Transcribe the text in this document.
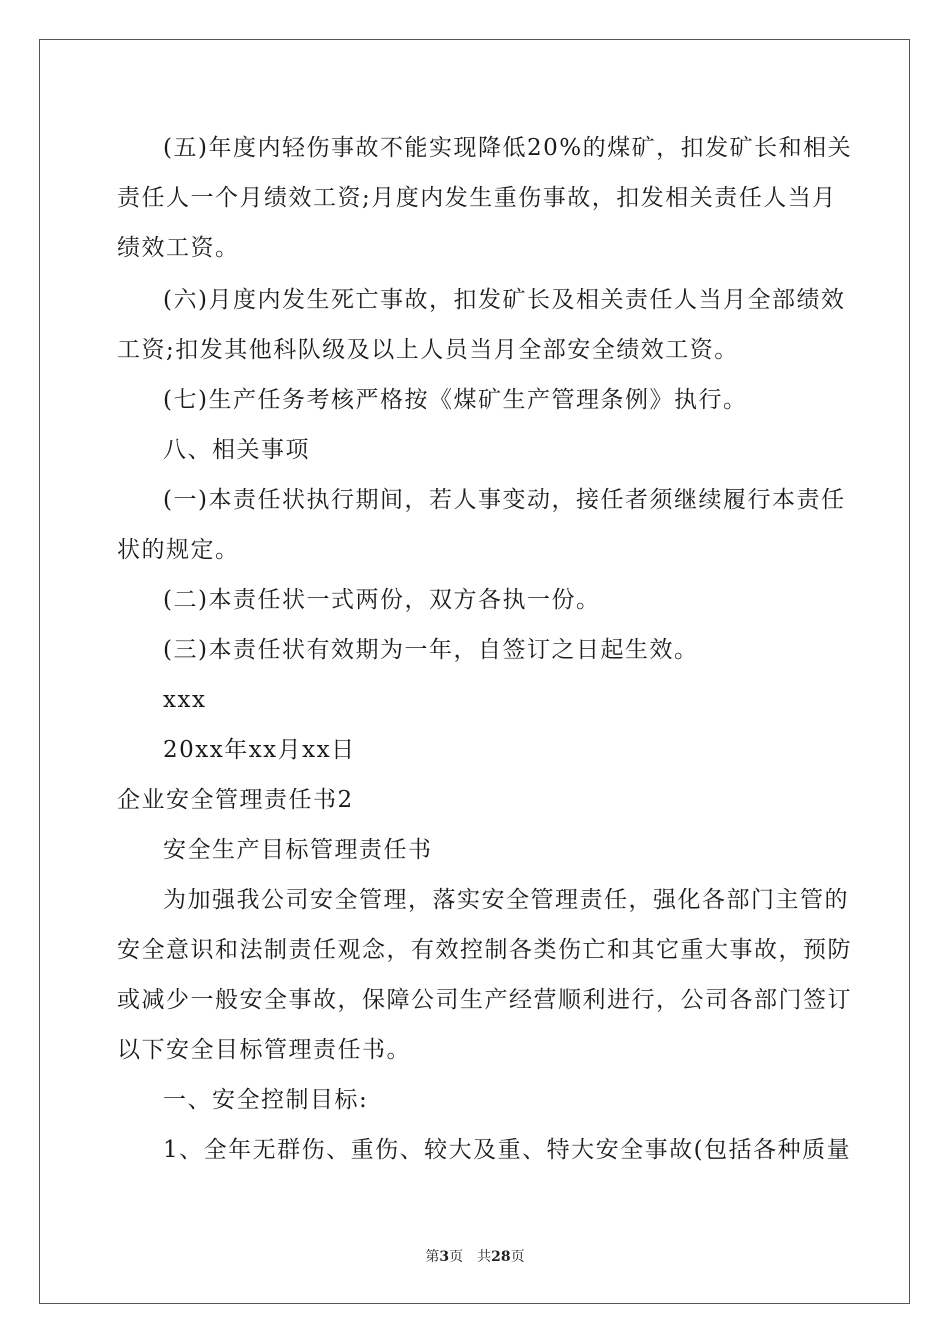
(五)年度内轻伤事故不能实现降低20%的煤矿，扣发矿长和相关
责任人一个月绩效工资;月度内发生重伤事故，扣发相关责任人当月
绩效工资。
(六)月度内发生死亡事故，扣发矿长及相关责任人当月全部绩效
工资;扣发其他科队级及以上人员当月全部安全绩效工资。
(七)生产任务考核严格按《煤矿生产管理条例》执行。
八、相关事项
(一)本责任状执行期间，若人事变动，接任者须继续履行本责任
状的规定。
(二)本责任状一式两份，双方各执一份。
(三)本责任状有效期为一年，自签订之日起生效。
xxx
20xx年xx月xx日
企业安全管理责任书2
安全生产目标管理责任书
为加强我公司安全管理，落实安全管理责任，强化各部门主管的
安全意识和法制责任观念，有效控制各类伤亡和其它重大事故，预防
或减少一般安全事故，保障公司生产经营顺利进行，公司各部门签订
以下安全目标管理责任书。
一、安全控制目标:
1、全年无群伤、重伤、较大及重、特大安全事故(包括各种质量
第3页 共28页
